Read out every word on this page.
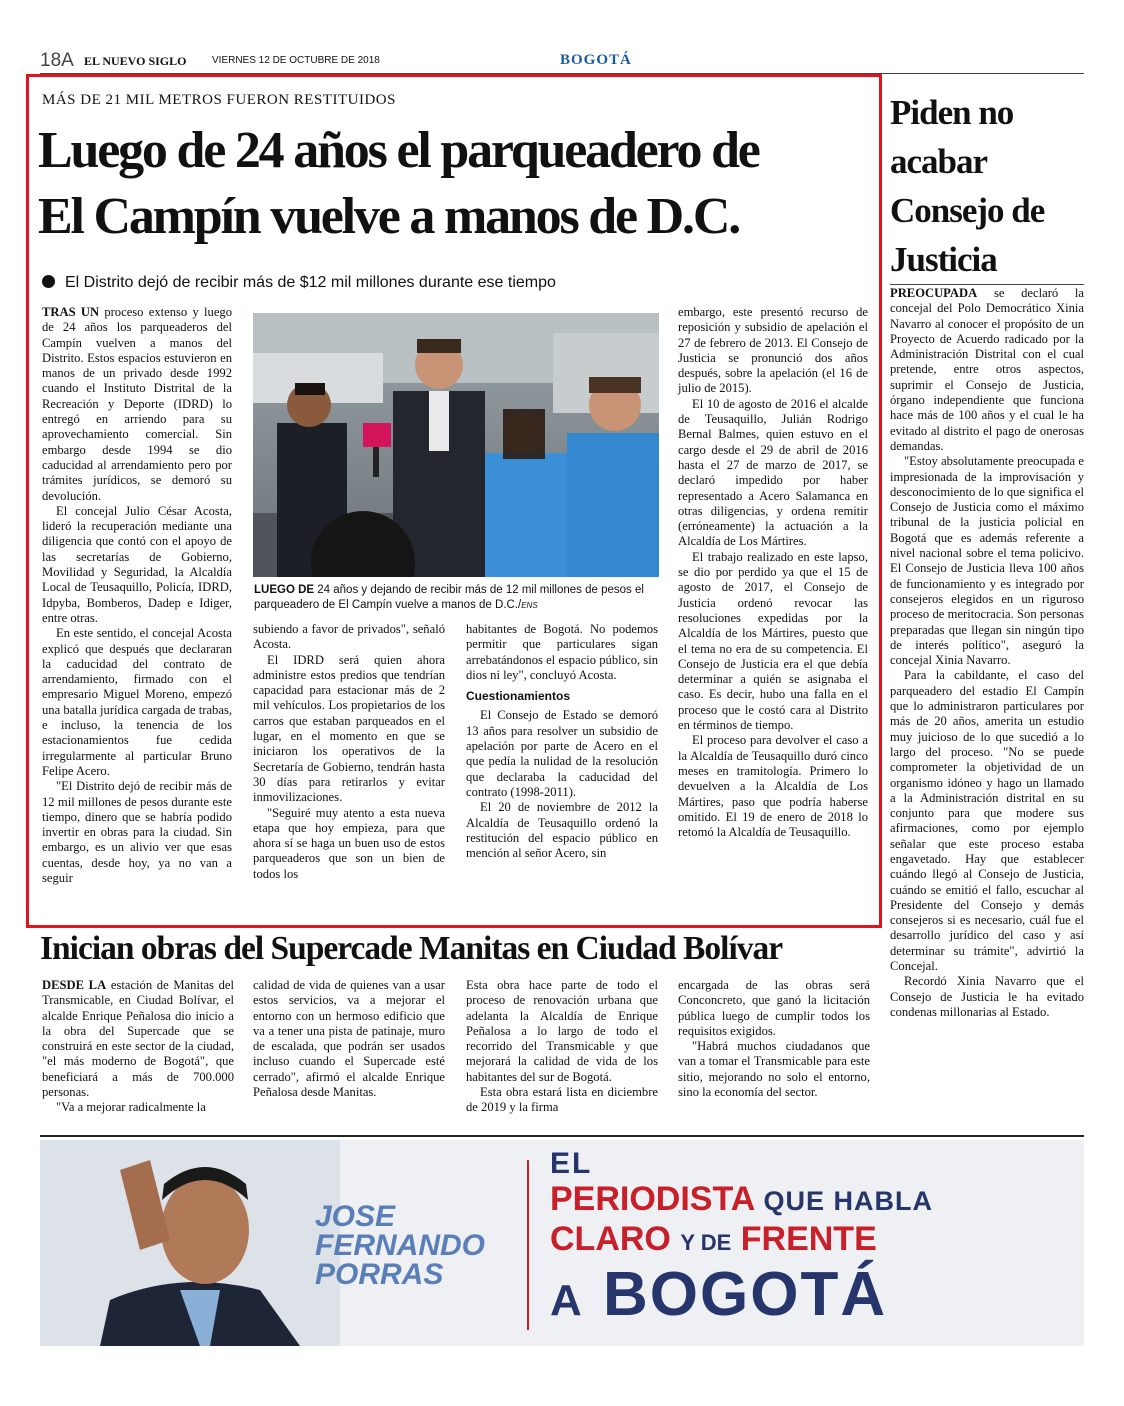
18A EL NUEVO SIGLO	VIERNES 12 DE OCTUBRE DE 2018	BOGOTÁ
MÁS DE 21 MIL METROS FUERON RESTITUIDOS
Luego de 24 años el parqueadero de
El Campín vuelve a manos de D.C.
El Distrito dejó de recibir más de $12 mil millones durante ese tiempo

TRAS UN proceso extenso y luego de 24 años los parqueaderos del Campín vuelven a manos del Distrito. Estos espacios estuvieron en manos de un privado desde 1992 cuando el Instituto Distrital de la Recreación y Deporte (IDRD) lo entregó en arriendo para su aprovechamiento comercial. Sin embargo desde 1994 se dio caducidad al arrendamiento pero por trámites jurídicos, se demoró su devolución.

El concejal Julio César Acosta, lideró la recuperación mediante una diligencia que contó con el apoyo de las secretarías de Gobierno, Movilidad y Seguridad, la Alcaldía Local de Teusaquillo, Policía, IDRD, Idpyba, Bomberos, Dadep e Idiger, entre otras.

En este sentido, el concejal Acosta explicó que después que declararan la caducidad del contrato de arrendamiento, firmado con el empresario Miguel Moreno, empezó una batalla jurídica cargada de trabas, e incluso, la tenencia de los estacionamientos fue cedida irregularmente al particular Bruno Felipe Acero.

"El Distrito dejó de recibir más de 12 mil millones de pesos durante este tiempo, dinero que se habría podido invertir en obras para la ciudad. Sin embargo, es un alivio ver que esas cuentas, desde hoy, ya no van a seguir

LUEGO DE 24 años y dejando de recibir más de 12 mil millones de pesos el parqueadero de El Campín vuelve a manos de D.C./ENS

subiendo a favor de privados", señaló Acosta.

El IDRD será quien ahora administre estos predios que tendrían capacidad para estacionar más de 2 mil vehículos. Los propietarios de los carros que estaban parqueados en el lugar, en el momento en que se iniciaron los operativos de la Secretaría de Gobierno, tendrán hasta 30 días para retirarlos y evitar inmovilizaciones.

"Seguiré muy atento a esta nueva etapa que hoy empieza, para que ahora sí se haga un buen uso de estos parqueaderos que son un bien de todos los

habitantes de Bogotá. No podemos permitir que particulares sigan arrebatándonos el espacio público, sin dios ni ley", concluyó Acosta.

Cuestionamientos

El Consejo de Estado se demoró 13 años para resolver un subsidio de apelación por parte de Acero en el que pedía la nulidad de la resolución que declaraba la caducidad del contrato (1998-2011).

El 20 de noviembre de 2012 la Alcaldía de Teusaquillo ordenó la restitución del espacio público en mención al señor Acero, sin

embargo, este presentó recurso de reposición y subsidio de apelación el 27 de febrero de 2013. El Consejo de Justicia se pronunció dos años después, sobre la apelación (el 16 de julio de 2015).

El 10 de agosto de 2016 el alcalde de Teusaquillo, Julián Rodrigo Bernal Balmes, quien estuvo en el cargo desde el 29 de abril de 2016 hasta el 27 de marzo de 2017, se declaró impedido por haber representado a Acero Salamanca en otras diligencias, y ordena remitir (erróneamente) la actuación a la Alcaldía de Los Mártires.

El trabajo realizado en este lapso, se dio por perdido ya que el 15 de agosto de 2017, el Consejo de Justicia ordenó revocar las resoluciones expedidas por la Alcaldía de los Mártires, puesto que el tema no era de su competencia. El Consejo de Justicia era el que debía determinar a quién se asignaba el caso. Es decir, hubo una falla en el proceso que le costó cara al Distrito en términos de tiempo.

El proceso para devolver el caso a la Alcaldía de Teusaquillo duró cinco meses en tramitología. Primero lo devuelven a la Alcaldía de Los Mártires, paso que podría haberse omitido. El 19 de enero de 2018 lo retomó la Alcaldía de Teusaquillo.

Piden no acabar Consejo de Justicia

PREOCUPADA se declaró la concejal del Polo Democrático Xinia Navarro al conocer el propósito de un Proyecto de Acuerdo radicado por la Administración Distrital con el cual pretende, entre otros aspectos, suprimir el Consejo de Justicia, órgano independiente que funciona hace más de 100 años y el cual le ha evitado al distrito el pago de onerosas demandas.

"Estoy absolutamente preocupada e impresionada de la improvisación y desconocimiento de lo que significa el Consejo de Justicia como el máximo tribunal de la justicia policial en Bogotá que es además referente a nivel nacional sobre el tema policivo. El Consejo de Justicia lleva 100 años de funcionamiento y es integrado por consejeros elegidos en un riguroso proceso de meritocracia. Son personas preparadas que llegan sin ningún tipo de interés político", aseguró la concejal Xinia Navarro.

Para la cabildante, el caso del parqueadero del estadio El Campín que lo administraron particulares por más de 20 años, amerita un estudio muy juicioso de lo que sucedió a lo largo del proceso. "No se puede comprometer la objetividad de un organismo idóneo y hago un llamado a la Administración distrital en su conjunto para que modere sus afirmaciones, como por ejemplo señalar que este proceso estaba engavetado. Hay que establecer cuándo llegó al Consejo de Justicia, cuándo se emitió el fallo, escuchar al Presidente del Consejo y demás consejeros si es necesario, cuál fue el desarrollo jurídico del caso y así determinar su trámite", advirtió la Concejal.

Recordó Xinia Navarro que el Consejo de Justicia le ha evitado condenas millonarias al Estado.

Inician obras del Supercade Manitas en Ciudad Bolívar

DESDE LA estación de Manitas del Transmicable, en Ciudad Bolívar, el alcalde Enrique Peñalosa dio inicio a la obra del Supercade que se construirá en este sector de la ciudad, "el más moderno de Bogotá", que beneficiará a más de 700.000 personas.

"Va a mejorar radicalmente la

calidad de vida de quienes van a usar estos servicios, va a mejorar el entorno con un hermoso edificio que va a tener una pista de patinaje, muro de escalada, que podrán ser usados incluso cuando el Supercade esté cerrado", afirmó el alcalde Enrique Peñalosa desde Manitas.

Esta obra hace parte de todo el proceso de renovación urbana que adelanta la Alcaldía de Enrique Peñalosa a lo largo de todo el recorrido del Transmicable y que mejorará la calidad de vida de los habitantes del sur de Bogotá.

Esta obra estará lista en diciembre de 2019 y la firma

encargada de las obras será Conconcreto, que ganó la licitación pública luego de cumplir todos los requisitos exigidos.

"Habrá muchos ciudadanos que van a tomar el Transmicable para este sitio, mejorando no solo el entorno, sino la economía del sector.

JOSE
FERNANDO
PORRAS
EL
PERIODISTA QUE HABLA
CLARO Y DE FRENTE
A BOGOTÁ
